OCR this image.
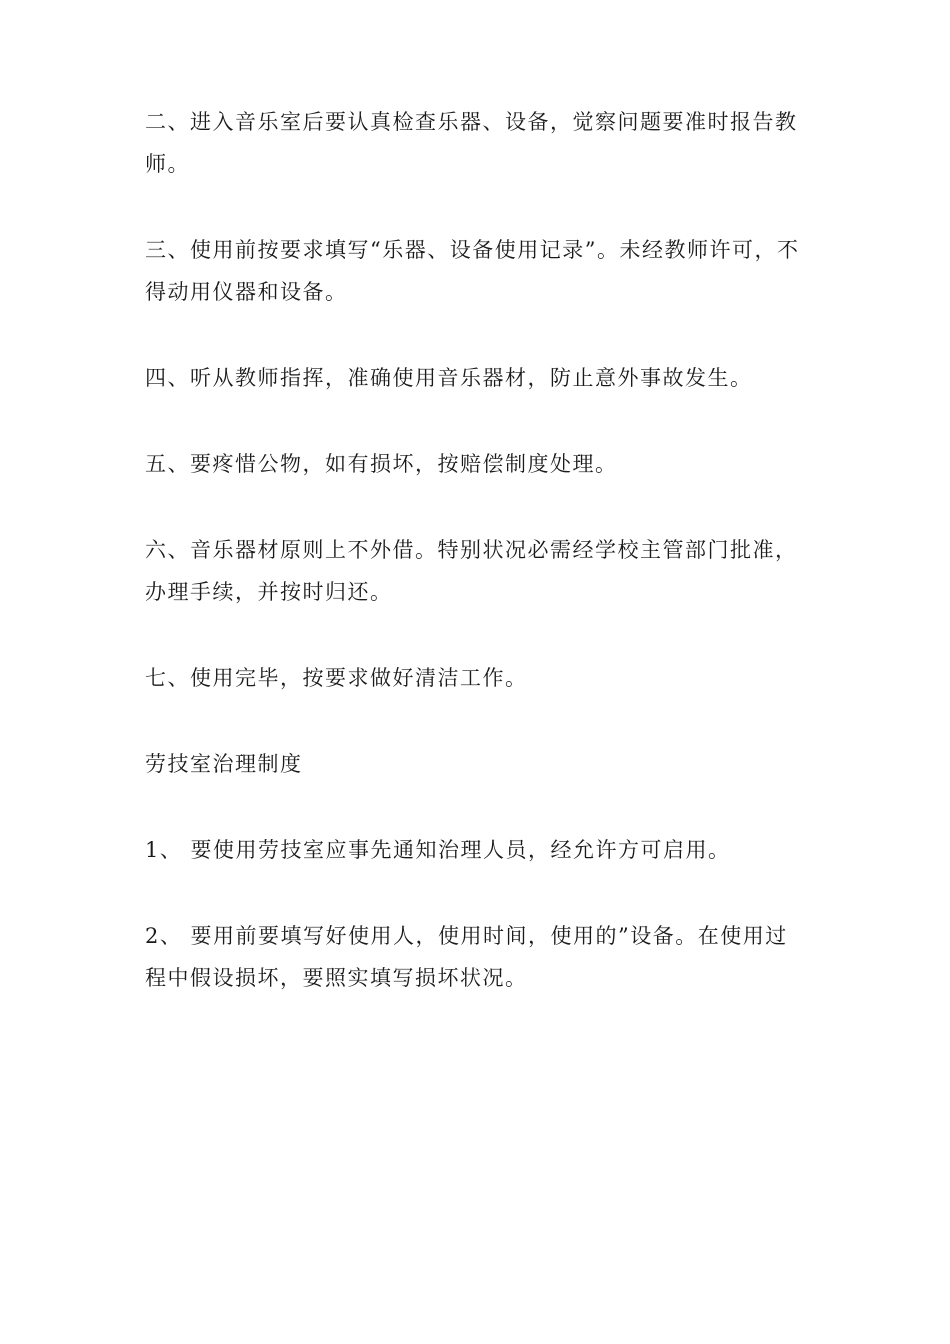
二、进入音乐室后要认真检查乐器、设备，觉察问题要准时报告教师。

三、使用前按要求填写“乐器、设备使用记录”。未经教师许可，不得动用仪器和设备。

四、听从教师指挥，准确使用音乐器材，防止意外事故发生。

五、要疼惜公物，如有损坏，按赔偿制度处理。

六、音乐器材原则上不外借。特别状况必需经学校主管部门批准，办理手续，并按时归还。

七、使用完毕，按要求做好清洁工作。

劳技室治理制度

1、 要使用劳技室应事先通知治理人员，经允许方可启用。

2、 要用前要填写好使用人，使用时间，使用的”设备。在使用过程中假设损坏，要照实填写损坏状况。
